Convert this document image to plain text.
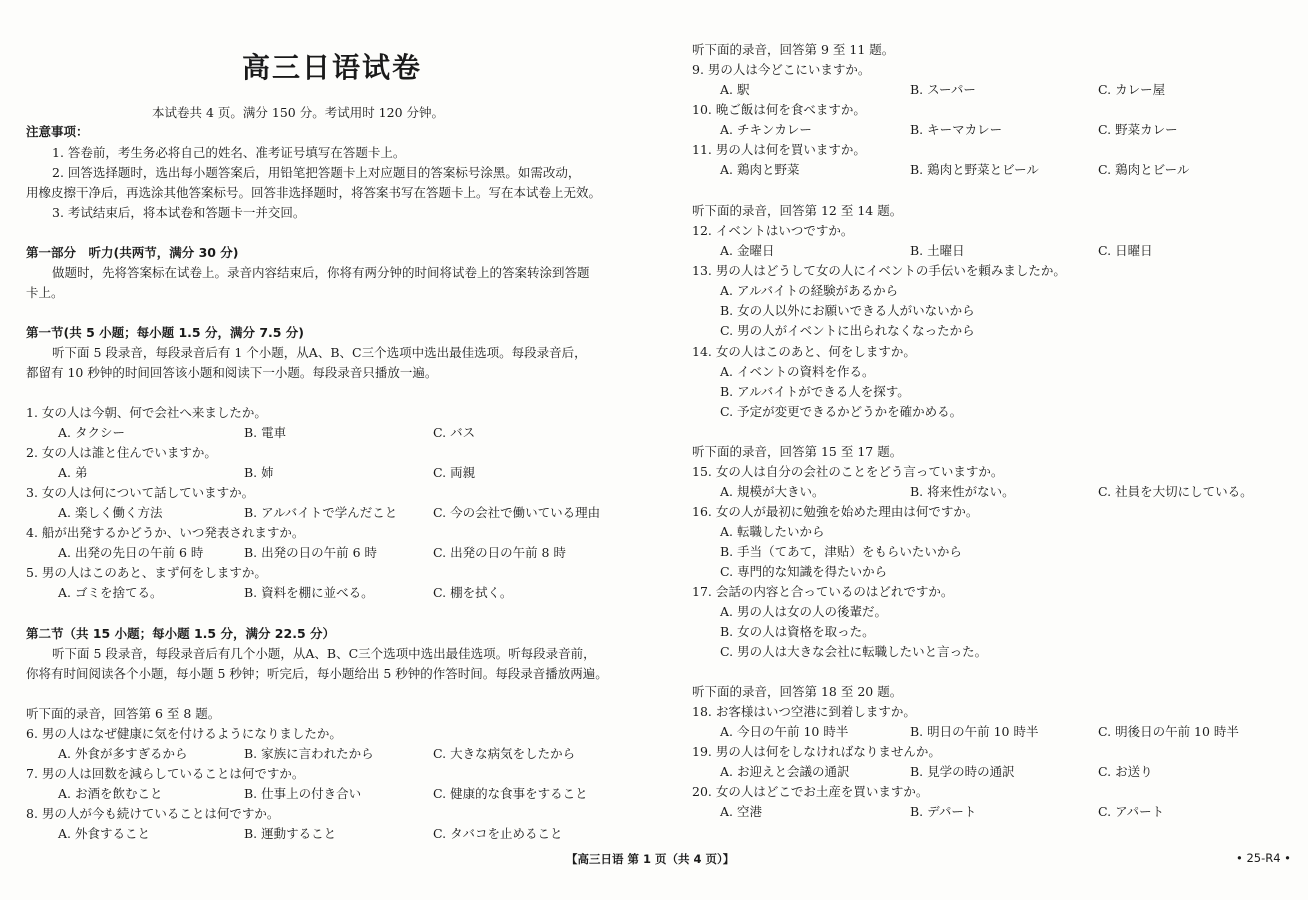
高三日语试卷
本试卷共 4 页。满分 150 分。考试用时 120 分钟。
注意事项：
1. 答卷前，考生务必将自己的姓名、准考证号填写在答题卡上。
2. 回答选择题时，选出每小题答案后，用铅笔把答题卡上对应题目的答案标号涂黑。如需改动，
用橡皮擦干净后，再选涂其他答案标号。回答非选择题时，将答案书写在答题卡上。写在本试卷上无效。
3. 考试结束后，将本试卷和答题卡一并交回。
第一部分　听力(共两节，满分 30 分)
做题时，先将答案标在试卷上。录音内容结束后，你将有两分钟的时间将试卷上的答案转涂到答题
卡上。
第一节(共 5 小题；每小题 1.5 分，满分 7.5 分)
听下面 5 段录音，每段录音后有 1 个小题，从A、B、C三个选项中选出最佳选项。每段录音后，
都留有 10 秒钟的时间回答该小题和阅读下一小题。每段录音只播放一遍。
1. 女の人は今朝、何で会社へ来ましたか。
A. タクシー	B. 電車	C. バス
2. 女の人は誰と住んでいますか。
A. 弟	B. 姉	C. 両親
3. 女の人は何について話していますか。
A. 楽しく働く方法	B. アルバイトで学んだこと	C. 今の会社で働いている理由
4. 船が出発するかどうか、いつ発表されますか。
A. 出発の先日の午前 6 時	B. 出発の日の午前 6 時	C. 出発の日の午前 8 時
5. 男の人はこのあと、まず何をしますか。
A. ゴミを捨てる。	B. 資料を棚に並べる。	C. 棚を拭く。
第二节（共 15 小题；每小题 1.5 分，满分 22.5 分）
听下面 5 段录音，每段录音后有几个小题，从A、B、C三个选项中选出最佳选项。听每段录音前，
你将有时间阅读各个小题，每小题 5 秒钟；听完后，每小题给出 5 秒钟的作答时间。每段录音播放两遍。
听下面的录音，回答第 6 至 8 题。
6. 男の人はなぜ健康に気を付けるようになりましたか。
A. 外食が多すぎるから	B. 家族に言われたから	C. 大きな病気をしたから
7. 男の人は回数を減らしていることは何ですか。
A. お酒を飲むこと	B. 仕事上の付き合い	C. 健康的な食事をすること
8. 男の人が今も続けていることは何ですか。
A. 外食すること	B. 運動すること	C. タバコを止めること
听下面的录音，回答第 9 至 11 题。
9. 男の人は今どこにいますか。
A. 駅	B. スーパー	C. カレー屋
10. 晩ご飯は何を食べますか。
A. チキンカレー	B. キーマカレー	C. 野菜カレー
11. 男の人は何を買いますか。
A. 鶏肉と野菜	B. 鶏肉と野菜とビール	C. 鶏肉とビール
听下面的录音，回答第 12 至 14 题。
12. イベントはいつですか。
A. 金曜日	B. 土曜日	C. 日曜日
13. 男の人はどうして女の人にイベントの手伝いを頼みましたか。
A. アルバイトの経験があるから
B. 女の人以外にお願いできる人がいないから
C. 男の人がイベントに出られなくなったから
14. 女の人はこのあと、何をしますか。
A. イベントの資料を作る。
B. アルバイトができる人を探す。
C. 予定が変更できるかどうかを確かめる。
听下面的录音，回答第 15 至 17 题。
15. 女の人は自分の会社のことをどう言っていますか。
A. 規模が大きい。	B. 将来性がない。	C. 社員を大切にしている。
16. 女の人が最初に勉強を始めた理由は何ですか。
A. 転職したいから
B. 手当（てあて，津贴）をもらいたいから
C. 専門的な知識を得たいから
17. 会話の内容と合っているのはどれですか。
A. 男の人は女の人の後輩だ。
B. 女の人は資格を取った。
C. 男の人は大きな会社に転職したいと言った。
听下面的录音，回答第 18 至 20 题。
18. お客様はいつ空港に到着しますか。
A. 今日の午前 10 時半	B. 明日の午前 10 時半	C. 明後日の午前 10 時半
19. 男の人は何をしなければなりませんか。
A. お迎えと会議の通訳	B. 見学の時の通訳	C. お送り
20. 女の人はどこでお土産を買いますか。
A. 空港	B. デパート	C. アパート
【高三日语 第 1 页（共 4 页）】	• 25-R4 •
